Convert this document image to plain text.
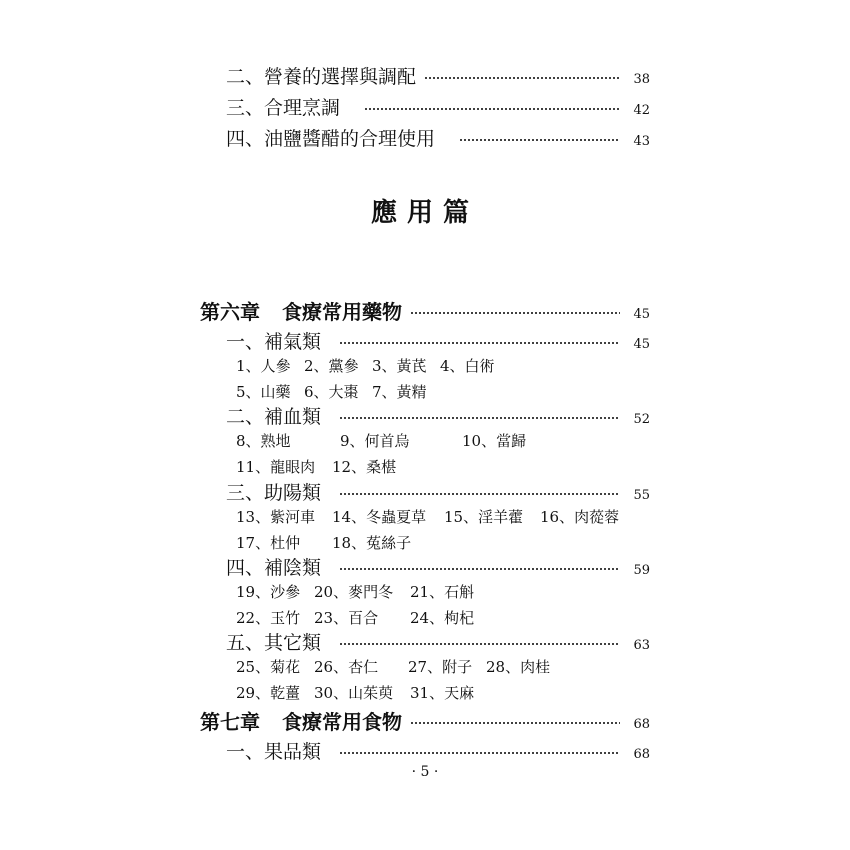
二、營養的選擇與調配	38
三、合理烹調	42
四、油鹽醬醋的合理使用	43
應用篇
第六章 食療常用藥物	45
一、補氣類	45
1、人參 2、黨參 3、黃芪 4、白術
5、山藥 6、大棗 7、黃精
二、補血類	52
8、熟地	9、何首烏	10、當歸
11、龍眼肉	12、桑椹
三、助陽類	55
13、紫河車	14、冬蟲夏草	15、淫羊藿	16、肉蓯蓉
17、杜仲	18、菟絲子
四、補陰類	59
19、沙參 20、麥門冬	21、石斛
22、玉竹 23、百合	24、枸杞
五、其它類	63
25、菊花 26、杏仁	27、附子 28、肉桂
29、乾薑 30、山茱萸	31、天麻
第七章 食療常用食物	68
一、果品類	68
· 5 ·
